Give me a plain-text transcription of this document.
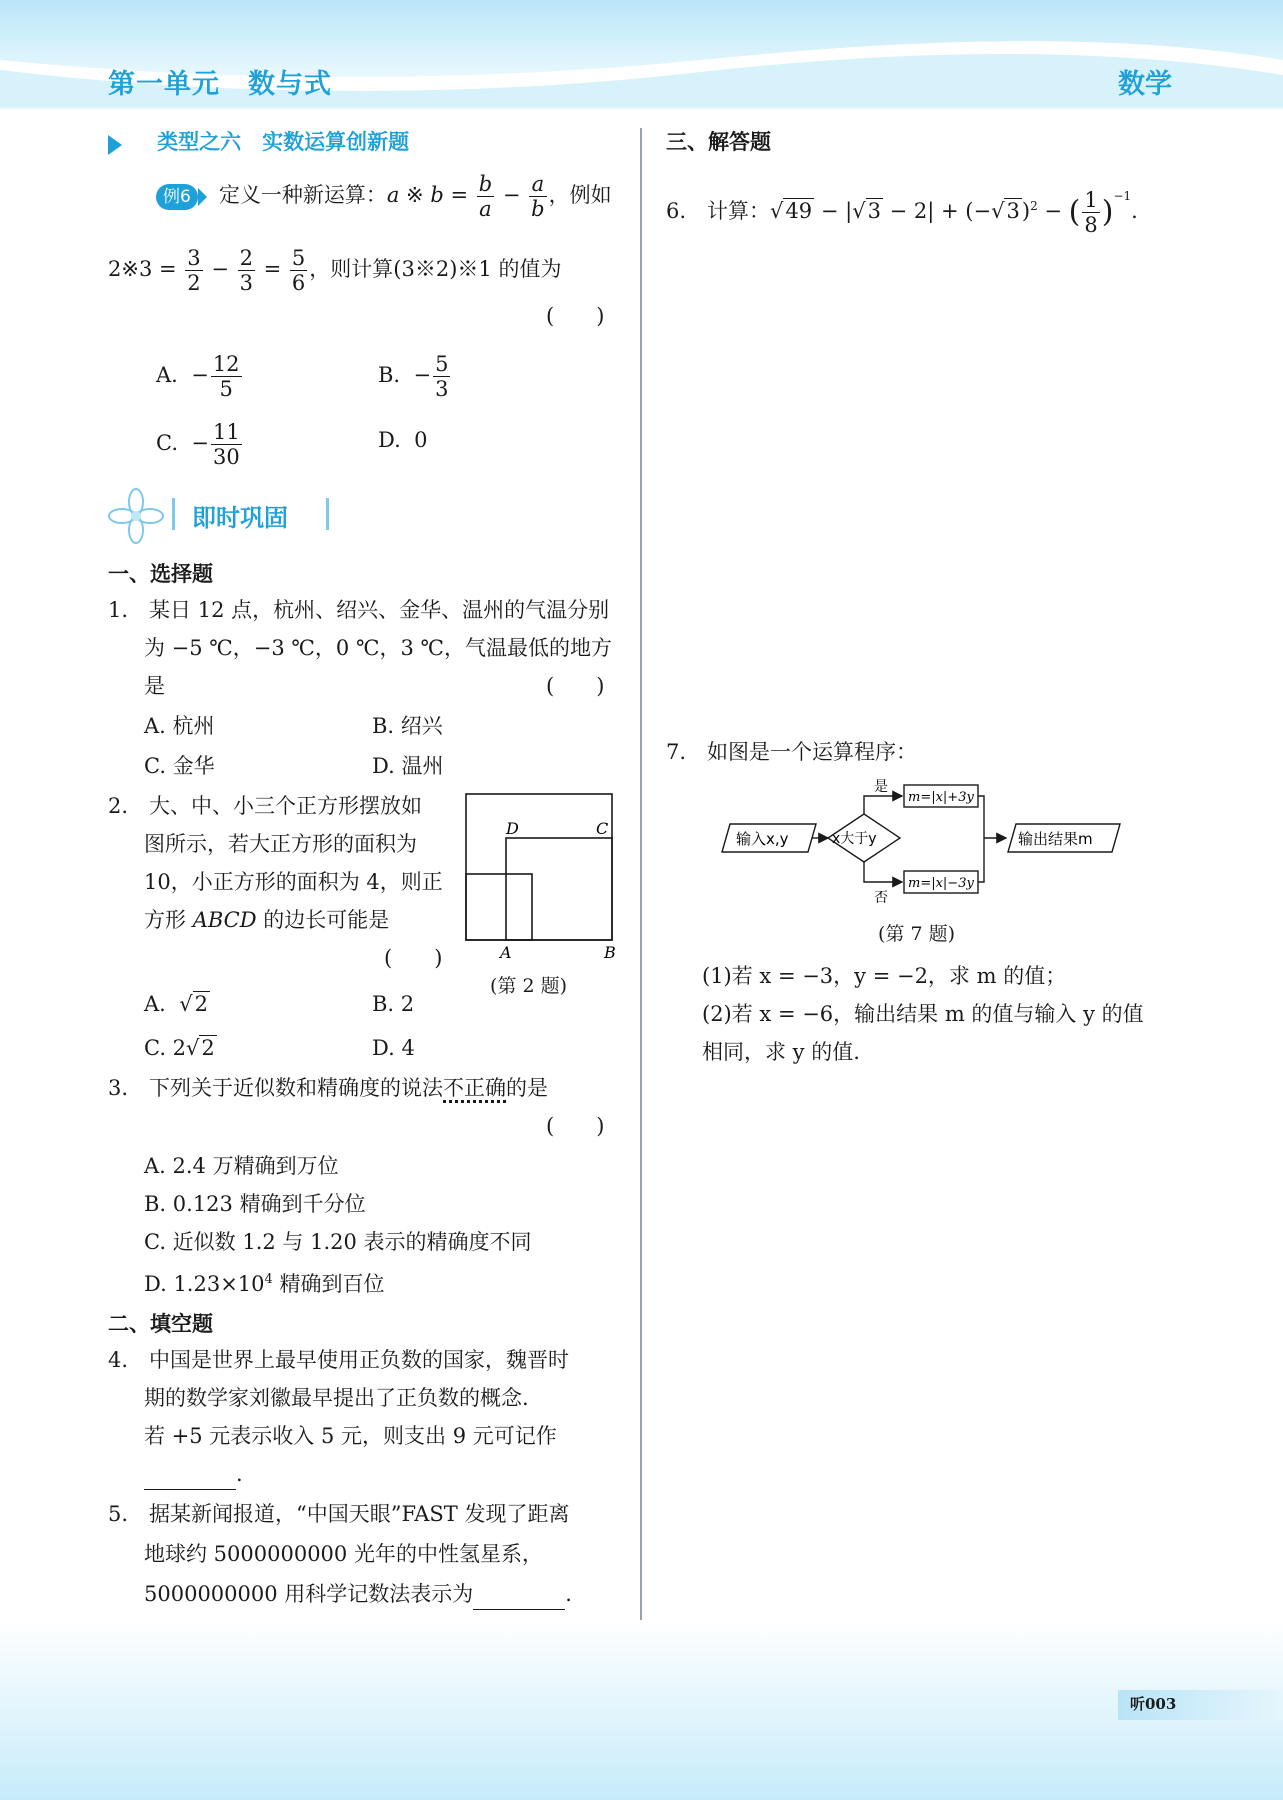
第一单元　数与式	数学
类型之六　实数运算创新题
例6 定义一种新运算：a ※ $b = \frac{b}{a} - \frac{a}{b}$ ，例如
2※3 = $\frac{3}{2} - \frac{2}{3} = \frac{5}{6}$ ，则计算(3※2)※1 的值为
(　　)
A. − $\frac{12}{5}$	B. − $\frac{5}{3}$
C. − $\frac{11}{30}$	D. 0
即时巩固
一、选择题
1.　某日 12 点，杭州、绍兴、金华、温州的气温分别
为 −5 ℃，−3 ℃，0 ℃，3 ℃，气温最低的地方
是	(　　)
A. 杭州	B. 绍兴
C. 金华	D. 温州
2.　大、中、小三个正方形摆放如
图所示，若大正方形的面积为
10，小正方形的面积为 4，则正
方形 ABCD 的边长可能是
(　　)
D	C
A	B
(第 2 题)
A.  √2	B. 2
C. 2√2	D. 4
3.　下列关于近似数和精确度的说法不正确的是
(　　)
A. 2.4 万精确到万位
B. 0.123 精确到千分位
C. 近似数 1.2 与 1.20 表示的精确度不同
D. $1.23\times 10^4$ 精确到百位
二、填空题
4.　中国是世界上最早使用正负数的国家，魏晋时
期的数学家刘徽最早提出了正负数的概念.
若 +5 元表示收入 5 元，则支出 9 元可记作
.
5.　据某新闻报道，“中国天眼”FAST 发现了距离
地球约 5000000000 光年的中性氢星系，
5000000000 用科学记数法表示为	.
三、解答题
6.　计算：$√49 - |√3 - 2| + (-√3)^2$ − ( $\frac{1}{8} )^{-1}$.
7.　如图是一个运算程序：
输入x,y	x大于y
是
否
m=|x|+3y
m=|x|−3y
输出结果m
(第 7 题)
(1)若 x = −3，y = −2，求 m 的值；
(2)若 x = −6，输出结果 m 的值与输入 y 的值
相同，求 y 的值.
听003
